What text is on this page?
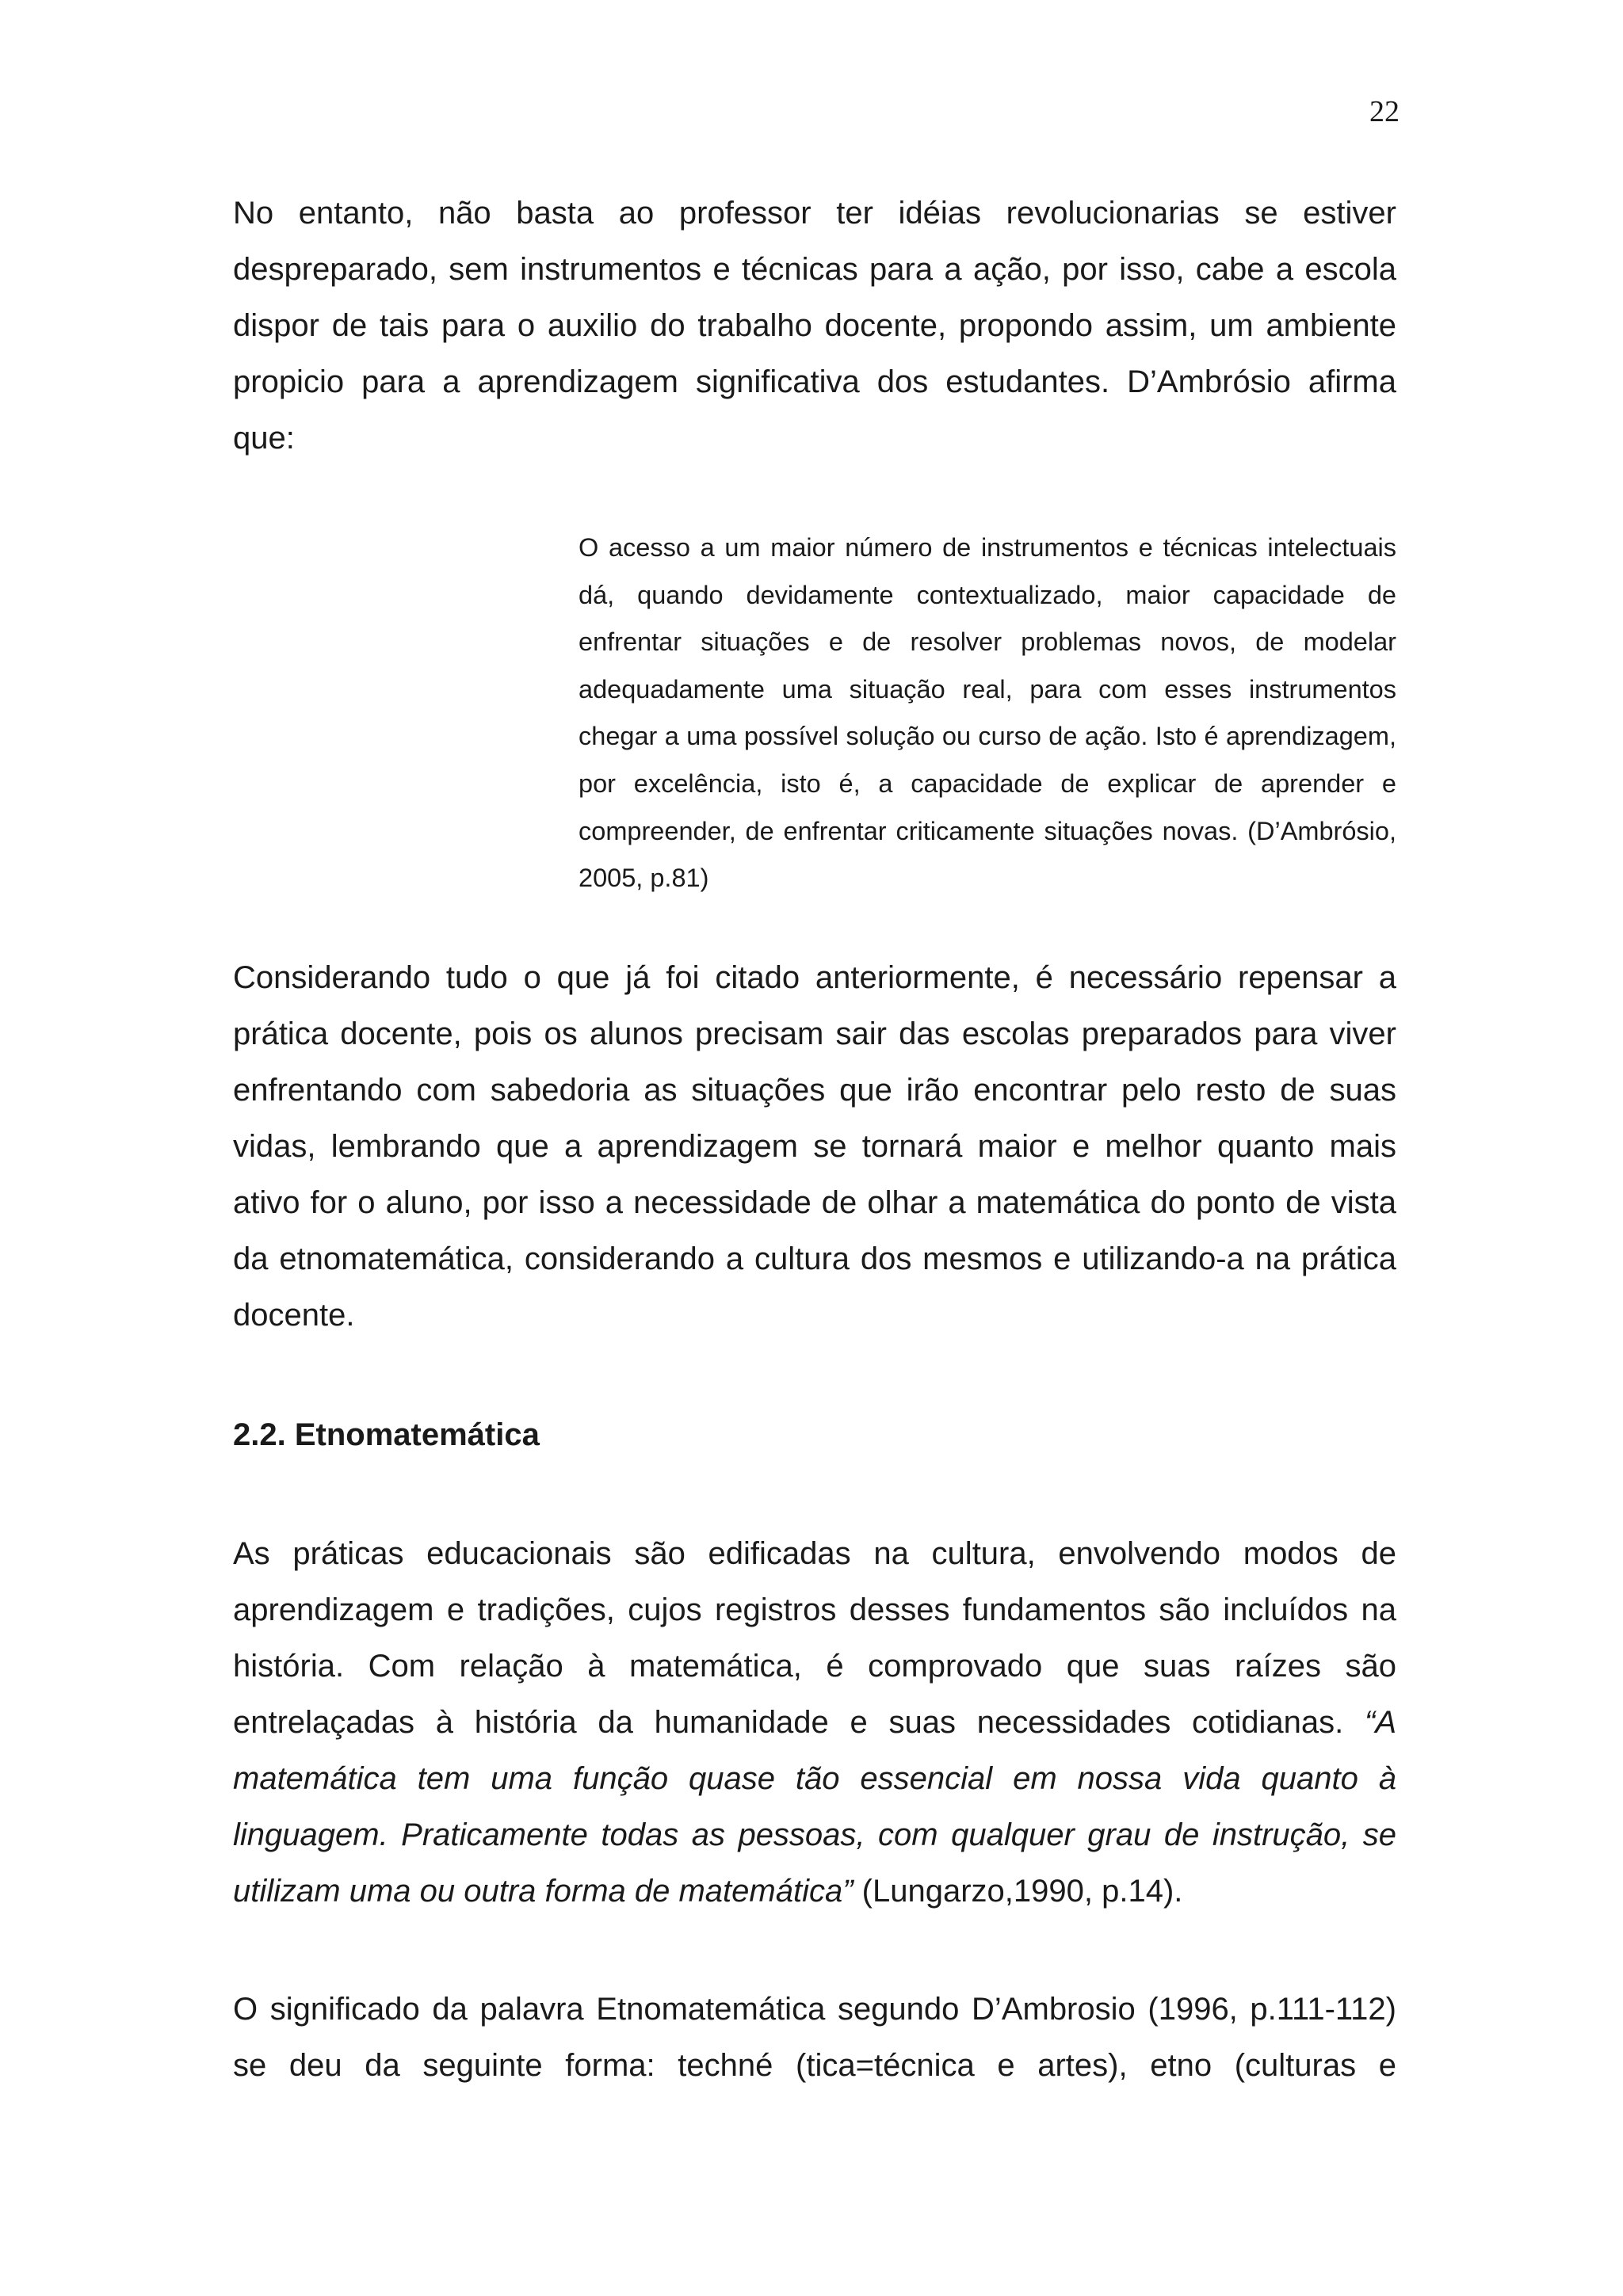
22

No entanto, não basta ao professor ter idéias revolucionarias se estiver despreparado, sem instrumentos e técnicas para a ação, por isso, cabe a escola dispor de tais para o auxilio do trabalho docente, propondo assim, um ambiente propicio para a aprendizagem significativa dos estudantes. D’Ambrósio afirma que:

O acesso a um maior número de instrumentos e técnicas intelectuais dá, quando devidamente contextualizado, maior capacidade de enfrentar situações e de resolver problemas novos, de modelar adequadamente uma situação real, para com esses instrumentos chegar a uma possível solução ou curso de ação. Isto é aprendizagem, por excelência, isto é, a capacidade de explicar de aprender e compreender, de enfrentar criticamente situações novas. (D’Ambrósio, 2005, p.81)

Considerando tudo o que já foi citado anteriormente, é necessário repensar a prática docente, pois os alunos precisam sair das escolas preparados para viver enfrentando com sabedoria as situações que irão encontrar pelo resto de suas vidas, lembrando que a aprendizagem se tornará maior e melhor quanto mais ativo for o aluno, por isso a necessidade de olhar a matemática do ponto de vista da etnomatemática, considerando a cultura dos mesmos e utilizando-a na prática docente.

2.2. Etnomatemática

As práticas educacionais são edificadas na cultura, envolvendo modos de aprendizagem e tradições, cujos registros desses fundamentos são incluídos na história. Com relação à matemática, é comprovado que suas raízes são entrelaçadas à história da humanidade e suas necessidades cotidianas. “A matemática tem uma função quase tão essencial em nossa vida quanto à linguagem. Praticamente todas as pessoas, com qualquer grau de instrução, se utilizam uma ou outra forma de matemática” (Lungarzo,1990, p.14).

O significado da palavra Etnomatemática segundo D’Ambrosio (1996, p.111-112) se deu da seguinte forma: techné (tica=técnica e artes), etno (culturas e
